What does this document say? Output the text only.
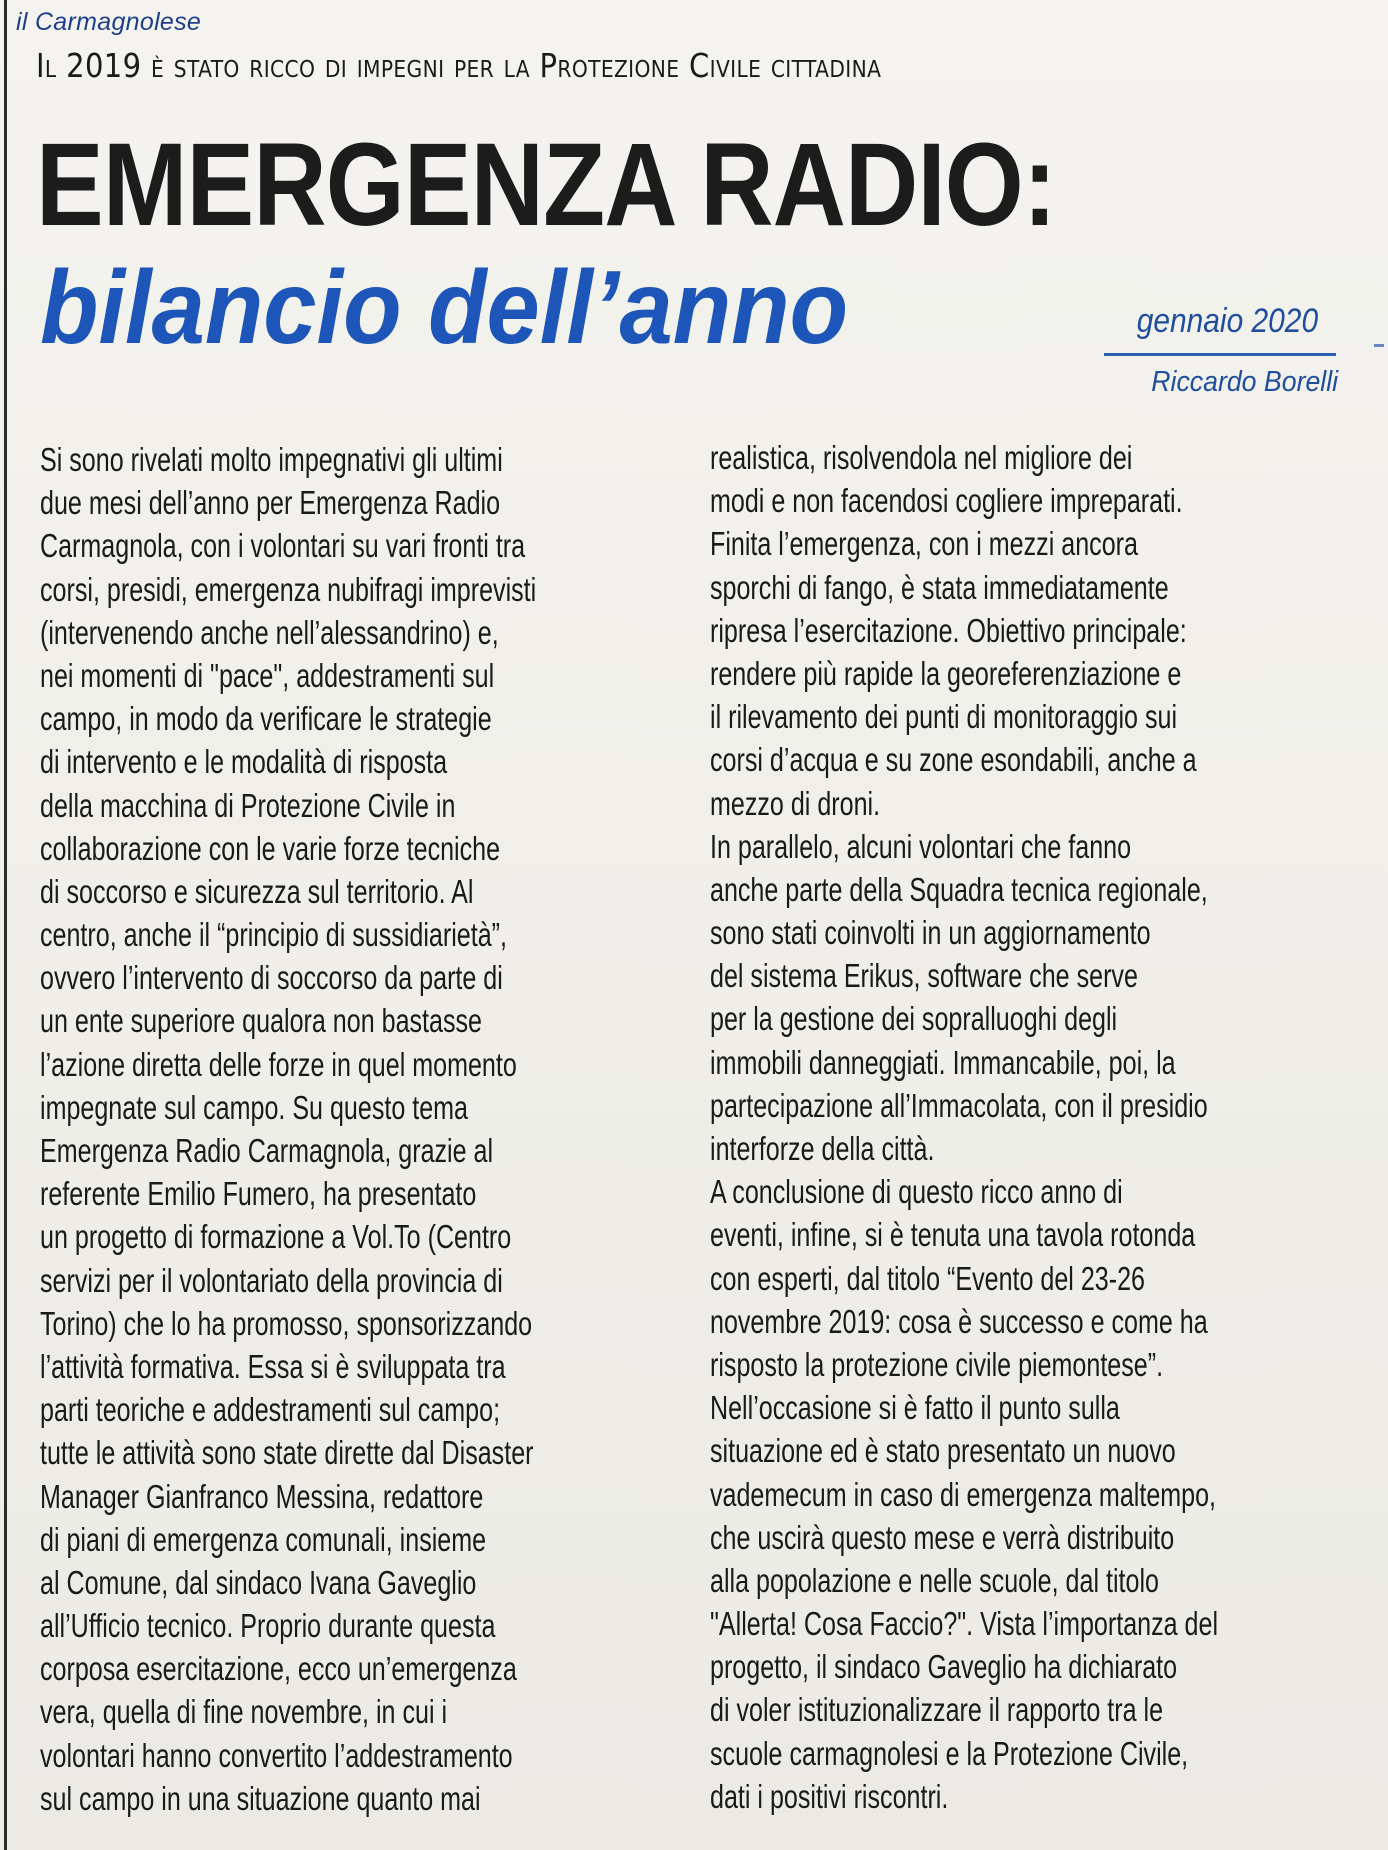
il Carmagnolese
Il 2019 è stato ricco di impegni per la Protezione Civile cittadina
EMERGENZA RADIO:
bilancio dell’anno	gennaio 2020
Riccardo Borelli
Si sono rivelati molto impegnativi gli ultimi
due mesi dell’anno per Emergenza Radio
Carmagnola, con i volontari su vari fronti tra
corsi, presidi, emergenza nubifragi imprevisti
(intervenendo anche nell’alessandrino) e,
nei momenti di "pace", addestramenti sul
campo, in modo da verificare le strategie
di intervento e le modalità di risposta
della macchina di Protezione Civile in
collaborazione con le varie forze tecniche
di soccorso e sicurezza sul territorio. Al
centro, anche il “principio di sussidiarietà”,
ovvero l’intervento di soccorso da parte di
un ente superiore qualora non bastasse
l’azione diretta delle forze in quel momento
impegnate sul campo. Su questo tema
Emergenza Radio Carmagnola, grazie al
referente Emilio Fumero, ha presentato
un progetto di formazione a Vol.To (Centro
servizi per il volontariato della provincia di
Torino) che lo ha promosso, sponsorizzando
l’attività formativa. Essa si è sviluppata tra
parti teoriche e addestramenti sul campo;
tutte le attività sono state dirette dal Disaster
Manager Gianfranco Messina, redattore
di piani di emergenza comunali, insieme
al Comune, dal sindaco Ivana Gaveglio
all’Ufficio tecnico. Proprio durante questa
corposa esercitazione, ecco un’emergenza
vera, quella di fine novembre, in cui i
volontari hanno convertito l’addestramento
sul campo in una situazione quanto mai
realistica, risolvendola nel migliore dei
modi e non facendosi cogliere impreparati.
Finita l’emergenza, con i mezzi ancora
sporchi di fango, è stata immediatamente
ripresa l’esercitazione. Obiettivo principale:
rendere più rapide la georeferenziazione e
il rilevamento dei punti di monitoraggio sui
corsi d’acqua e su zone esondabili, anche a
mezzo di droni.
In parallelo, alcuni volontari che fanno
anche parte della Squadra tecnica regionale,
sono stati coinvolti in un aggiornamento
del sistema Erikus, software che serve
per la gestione dei sopralluoghi degli
immobili danneggiati. Immancabile, poi, la
partecipazione all’Immacolata, con il presidio
interforze della città.
A conclusione di questo ricco anno di
eventi, infine, si è tenuta una tavola rotonda
con esperti, dal titolo “Evento del 23-26
novembre 2019: cosa è successo e come ha
risposto la protezione civile piemontese”.
Nell’occasione si è fatto il punto sulla
situazione ed è stato presentato un nuovo
vademecum in caso di emergenza maltempo,
che uscirà questo mese e verrà distribuito
alla popolazione e nelle scuole, dal titolo
"Allerta! Cosa Faccio?". Vista l’importanza del
progetto, il sindaco Gaveglio ha dichiarato
di voler istituzionalizzare il rapporto tra le
scuole carmagnolesi e la Protezione Civile,
dati i positivi riscontri.
